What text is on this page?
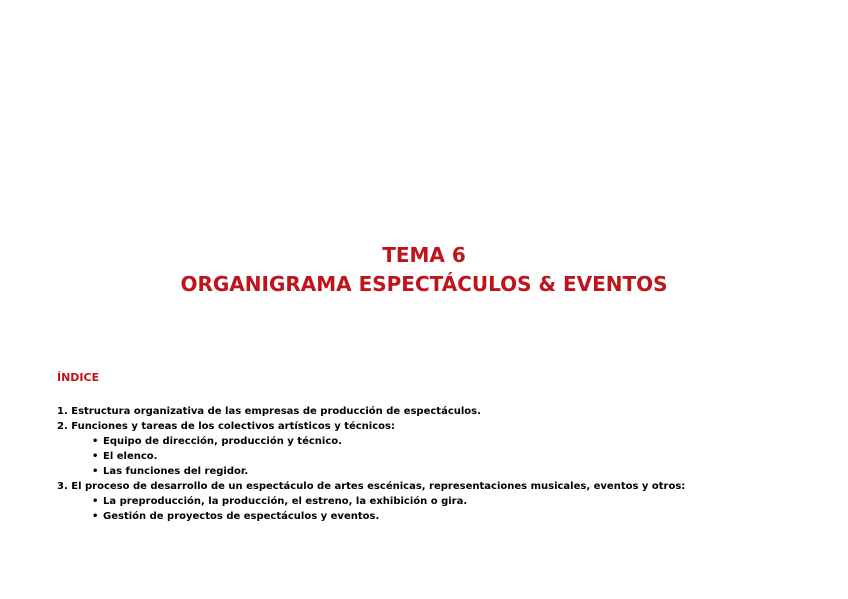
TEMA 6
ORGANIGRAMA ESPECTÁCULOS & EVENTOS
ÍNDICE
1. Estructura organizativa de las empresas de producción de espectáculos.
2. Funciones y tareas de los colectivos artísticos y técnicos:
• Equipo de dirección, producción y técnico.
• El elenco.
• Las funciones del regidor.
3. El proceso de desarrollo de un espectáculo de artes escénicas, representaciones musicales, eventos y otros:
• La preproducción, la producción, el estreno, la exhibición o gira.
• Gestión de proyectos de espectáculos y eventos.
